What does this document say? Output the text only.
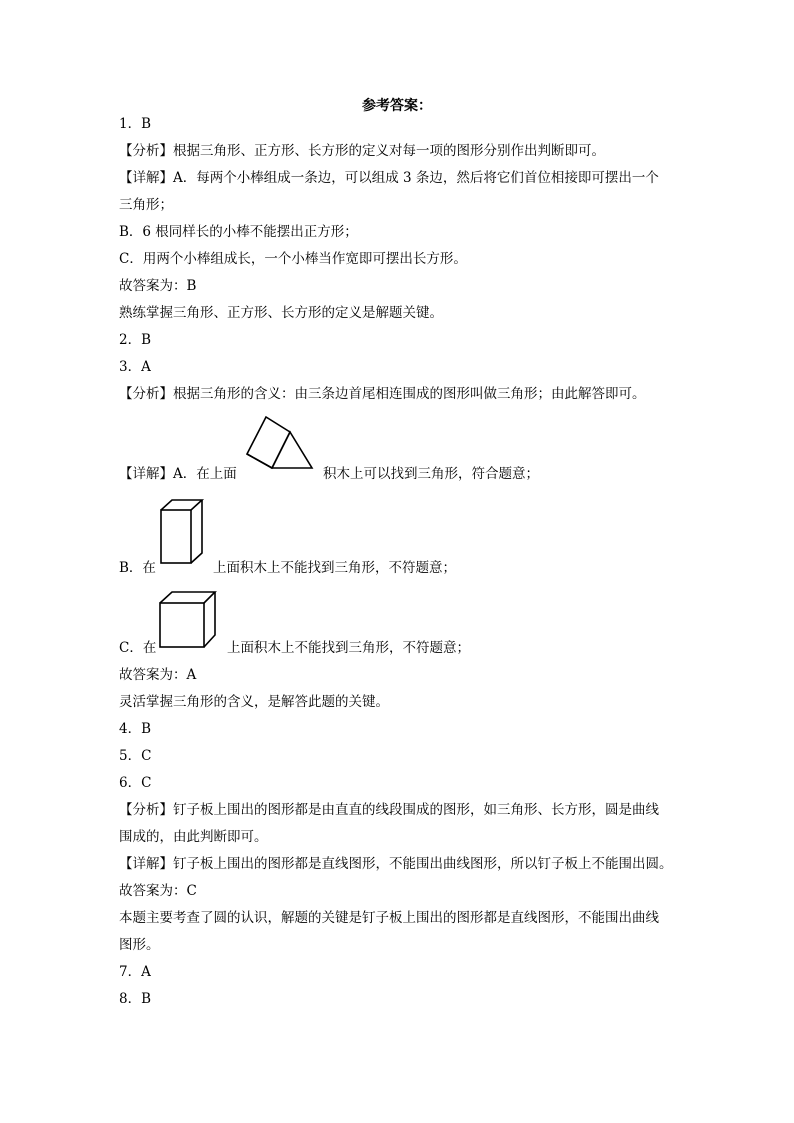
参考答案：
1．B
【分析】根据三角形、正方形、长方形的定义对每一项的图形分别作出判断即可。
【详解】A．每两个小棒组成一条边，可以组成 3 条边，然后将它们首位相接即可摆出一个
三角形；
B．6 根同样长的小棒不能摆出正方形；
C．用两个小棒组成长，一个小棒当作宽即可摆出长方形。
故答案为：B
熟练掌握三角形、正方形、长方形的定义是解题关键。
2．B
3．A
【分析】根据三角形的含义：由三条边首尾相连围成的图形叫做三角形；由此解答即可。
【详解】A．在上面	积木上可以找到三角形，符合题意；
B．在	上面积木上不能找到三角形，不符题意；
C．在	上面积木上不能找到三角形，不符题意；
故答案为：A
灵活掌握三角形的含义，是解答此题的关键。
4．B
5．C
6．C
【分析】钉子板上围出的图形都是由直直的线段围成的图形，如三角形、长方形，圆是曲线
围成的，由此判断即可。
【详解】钉子板上围出的图形都是直线图形，不能围出曲线图形，所以钉子板上不能围出圆。
故答案为：C
本题主要考查了圆的认识，解题的关键是钉子板上围出的图形都是直线图形，不能围出曲线
图形。
7．A
8．B
